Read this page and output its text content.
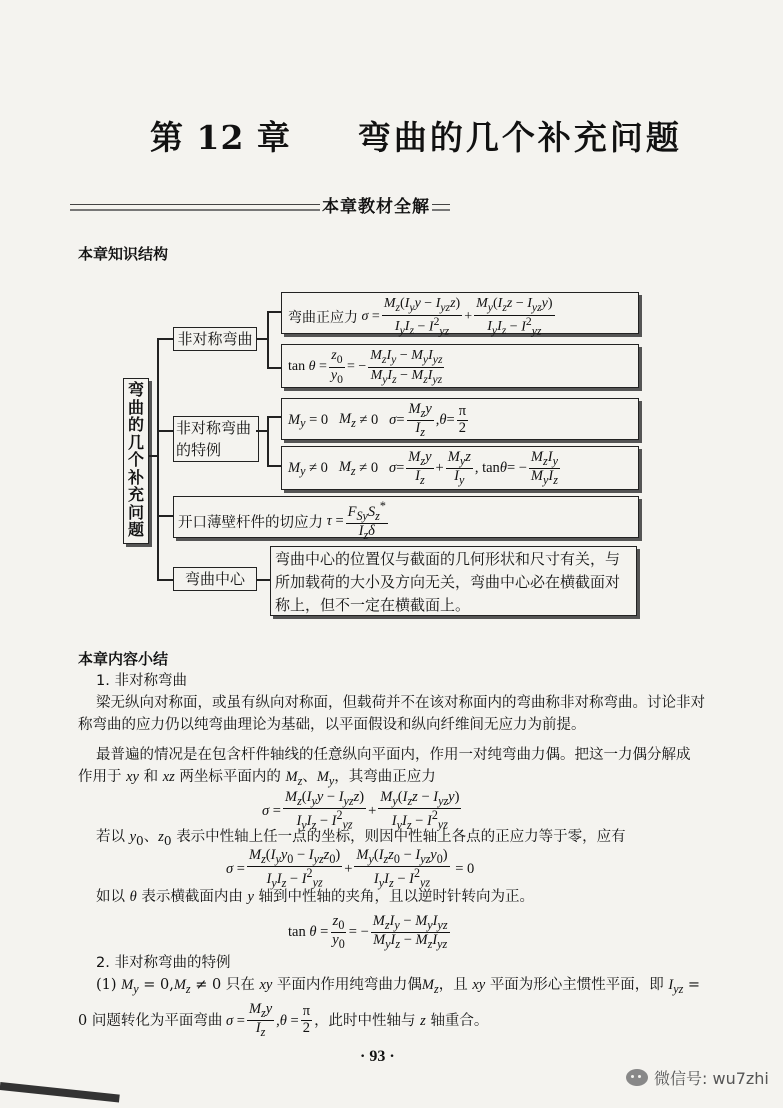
第 12 章 弯曲的几个补充问题
本章教材全解
本章知识结构
弯曲的几个补充问题
非对称弯曲
弯曲正应力 $\sigma = \frac{M_z(I_yy - I_{yz}z)}{I_yI_z - I^2_{yz}} + \frac{M_y(I_zz - I_{yz}y)}{I_yI_z - I^2_{yz}}$
$\tan \theta = \frac{z_0}{y_0}$ = − $\frac{M_zI_y - M_yI_{yz}}{M_yI_z - M_zI_{yz}}$
非对称弯曲的特例
M $_y$ = 0 $M_z \ne 0$ $\sigma = \frac{M_zy}{I_z}$ , $\theta = \frac{\pi}{2}$
M $_y$ ≠ 0 $M_z \ne 0$ $\sigma = \frac{M_zy}{I_z} + \frac{M_yz}{I_y}$ , tan θ = − $\frac{M_zI_y}{M_yI_z}$
开口薄壁杆件的切应力 $\tau = \frac{F_{Sy}S_z^*}{I_z\delta}$
弯曲中心
弯曲中心的位置仅与截面的几何形状和尺寸有关，与所加载荷的大小及方向无关，弯曲中心必在横截面对称上，但不一定在横截面上。
本章内容小结
1. 非对称弯曲
梁无纵向对称面，或虽有纵向对称面，但载荷并不在该对称面内的弯曲称非对称弯曲。讨论非对称弯曲的应力仍以纯弯曲理论为基础，以平面假设和纵向纤维间无应力为前提。
最普遍的情况是在包含杆件轴线的任意纵向平面内，作用一对纯弯曲力偶。把这一力偶分解成
作用于 xy 和 xz 两坐标平面内的 $M_z$、$M_y$，其弯曲正应力
$\sigma = \frac{M_z(I_yy - I_{yz}z)}{I_yI_z - I^2_{yz}} + \frac{M_y(I_zz - I_{yz}y)}{I_yI_z - I^2_{yz}}$
若以 $y_0$、$z_0$ 表示中性轴上任一点的坐标，则因中性轴上各点的正应力等于零，应有
$\sigma = \frac{M_z(I_yy_0 - I_{yz}z_0)}{I_yI_z - I^2_{yz}} + \frac{M_y(I_zz_0 - I_{yz}y_0)}{I_yI_z - I^2_{yz}} = 0$
如以 θ 表示横截面内由 y 轴到中性轴的夹角，且以逆时针转向为正。
$\tan \theta = \frac{z_0}{y_0}$ = − $\frac{M_zI_y - M_yI_{yz}}{M_yI_z - M_zI_{yz}}$
2. 非对称弯曲的特例
(1) $M_y = 0,M_z \ne 0$ 只在 xy 平面内作用纯弯曲力偶$M_z$，且 xy 平面为形心主惯性平面，即 $I_{yz}$ =
0 问题转化为平面弯曲 $\sigma = \frac{M_zy}{I_z} ,\theta = \frac{\pi}{2}$ ，此时中性轴与
z
轴重合。
· 93 ·
微信号: wu7zhi
